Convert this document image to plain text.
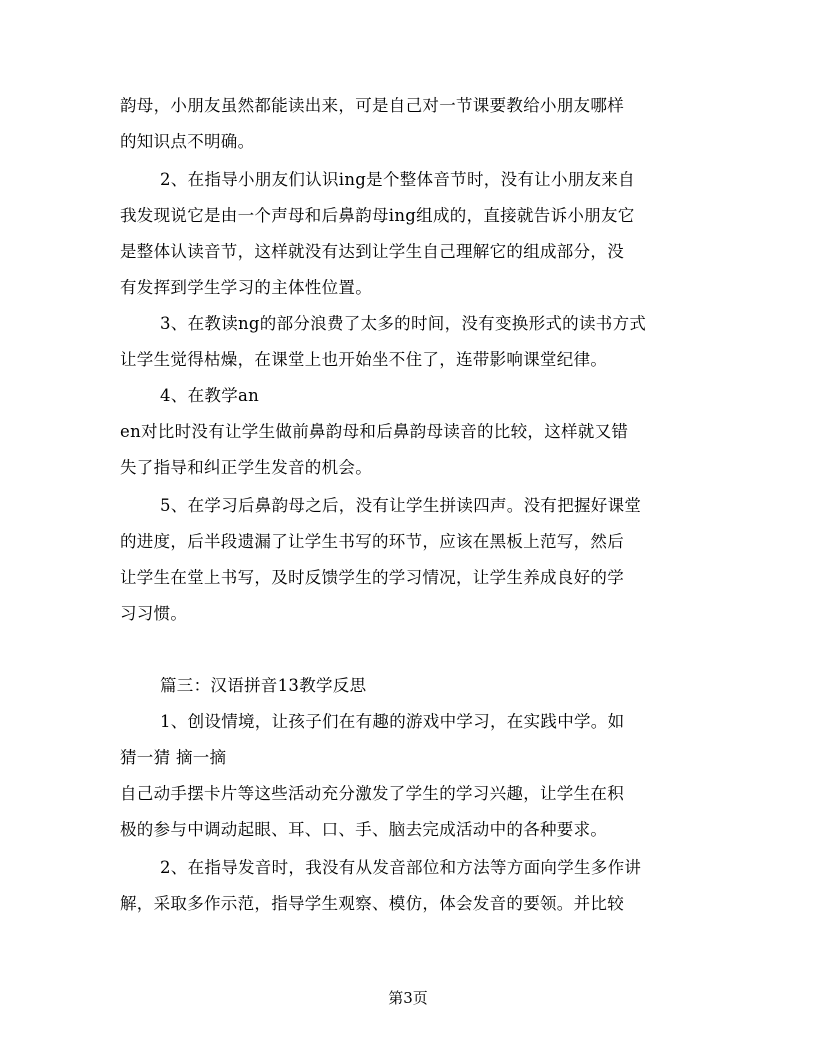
韵母，小朋友虽然都能读出来，可是自己对一节课要教给小朋友哪样
的知识点不明确。
2、在指导小朋友们认识ing是个整体音节时，没有让小朋友来自
我发现说它是由一个声母和后鼻韵母ing组成的，直接就告诉小朋友它
是整体认读音节，这样就没有达到让学生自己理解它的组成部分，没
有发挥到学生学习的主体性位置。
3、在教读ng的部分浪费了太多的时间，没有变换形式的读书方式
让学生觉得枯燥，在课堂上也开始坐不住了，连带影响课堂纪律。
4、在教学an
en对比时没有让学生做前鼻韵母和后鼻韵母读音的比较，这样就又错
失了指导和纠正学生发音的机会。
5、在学习后鼻韵母之后，没有让学生拼读四声。没有把握好课堂
的进度，后半段遗漏了让学生书写的环节，应该在黑板上范写，然后
让学生在堂上书写，及时反馈学生的学习情况，让学生养成良好的学
习习惯。
篇三：汉语拼音13教学反思
1、创设情境，让孩子们在有趣的游戏中学习，在实践中学。如
猜一猜 摘一摘
自己动手摆卡片等这些活动充分激发了学生的学习兴趣，让学生在积
极的参与中调动起眼、耳、口、手、脑去完成活动中的各种要求。
2、在指导发音时，我没有从发音部位和方法等方面向学生多作讲
解，采取多作示范，指导学生观察、模仿，体会发音的要领。并比较
第3页
